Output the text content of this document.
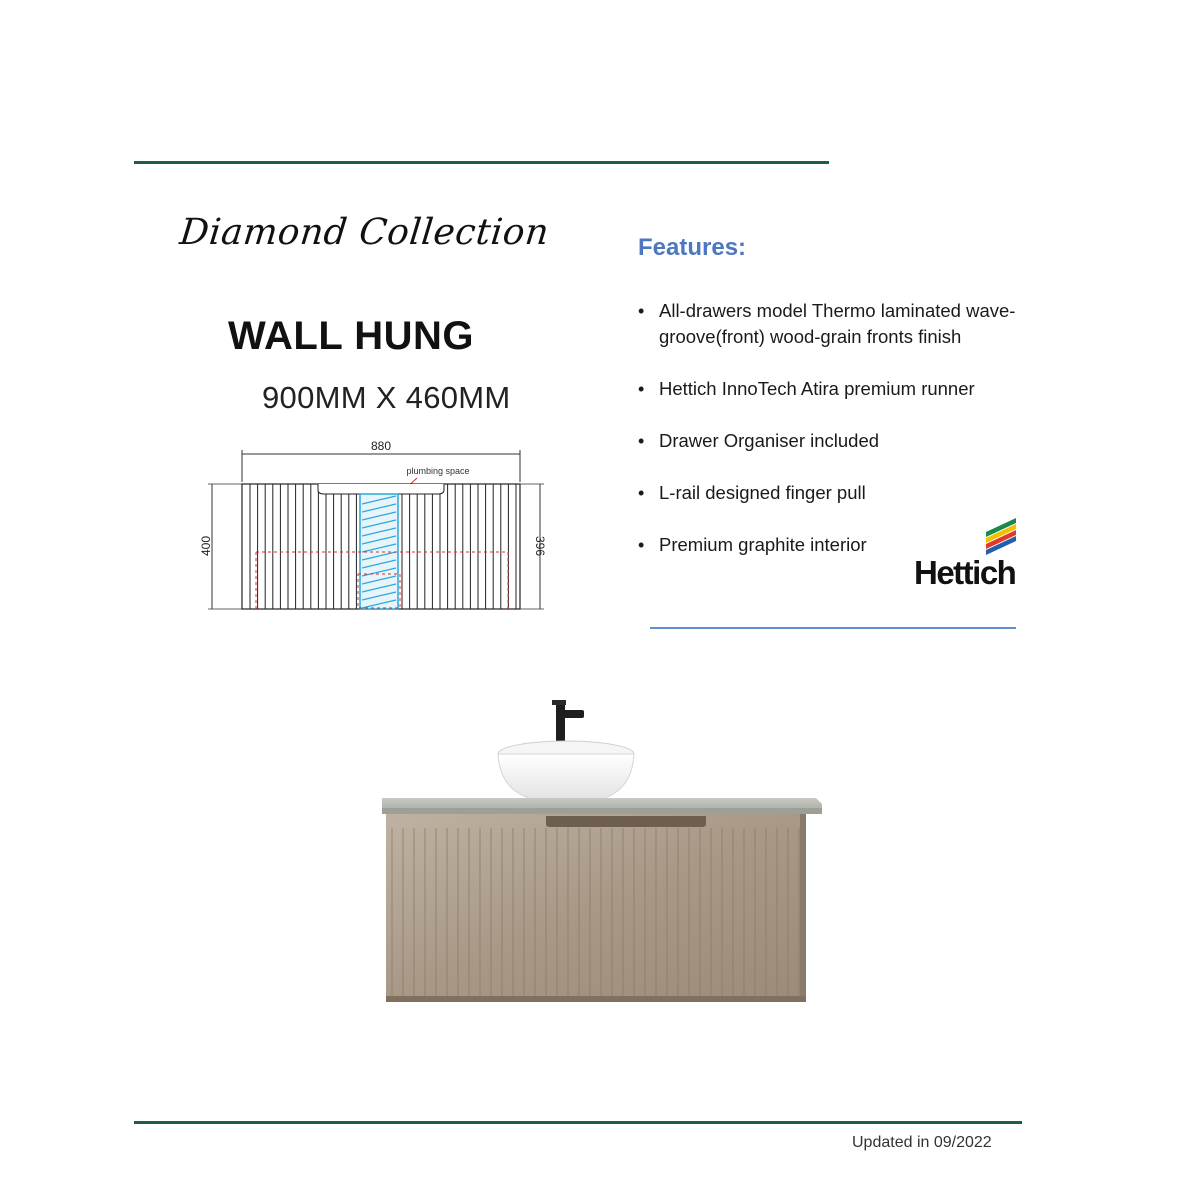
Diamond Collection
WALL HUNG
900MM X 460MM
880
plumbing space
400	396
Features:
• All-drawers model Thermo laminated wave-groove(front) wood-grain fronts finish
• Hettich InnoTech Atira premium runner
• Drawer Organiser included
• L-rail designed finger pull
• Premium graphite interior
Hettich
Updated in 09/2022
